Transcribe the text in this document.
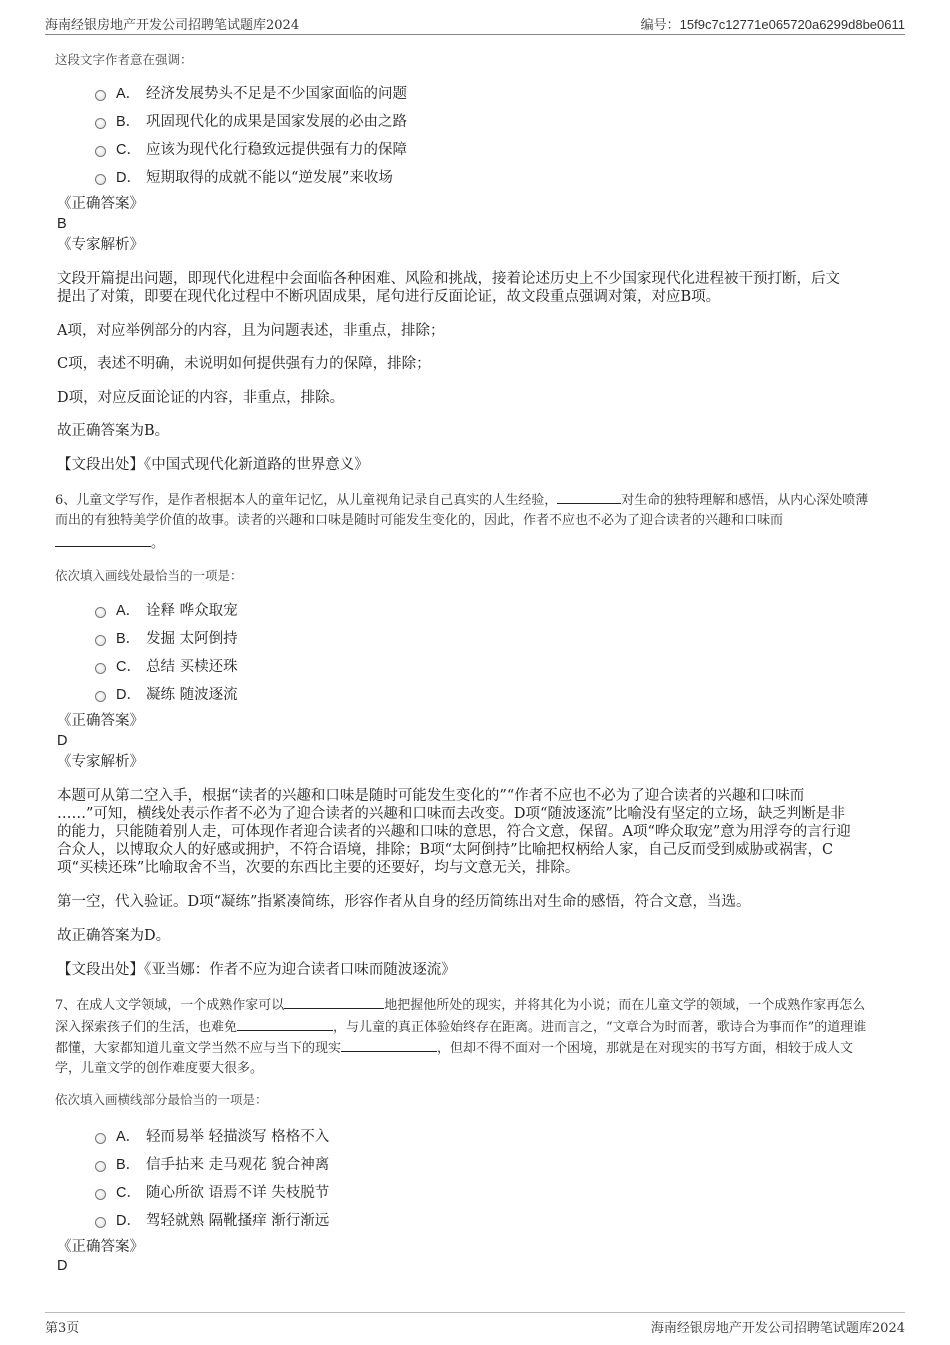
海南经银房地产开发公司招聘笔试题库2024	编号：15f9c7c12771e065720a6299d8be0611
这段文字作者意在强调：
A． 经济发展势头不足是不少国家面临的问题
B． 巩固现代化的成果是国家发展的必由之路
C． 应该为现代化行稳致远提供强有力的保障
D． 短期取得的成就不能以“逆发展”来收场
《正确答案》
B
《专家解析》
文段开篇提出问题，即现代化进程中会面临各种困难、风险和挑战，接着论述历史上不少国家现代化进程被干预打断，后文
提出了对策，即要在现代化过程中不断巩固成果，尾句进行反面论证，故文段重点强调对策，对应B项。
A项，对应举例部分的内容，且为问题表述，非重点，排除；
C项，表述不明确，未说明如何提供强有力的保障，排除；
D项，对应反面论证的内容，非重点，排除。
故正确答案为B。
【文段出处】《中国式现代化新道路的世界意义》
6、儿童文学写作，是作者根据本人的童年记忆，从儿童视角记录自己真实的人生经验，	对生命的独特理解和感悟，从内心深处喷薄
而出的有独特美学价值的故事。读者的兴趣和口味是随时可能发生变化的，因此，作者不应也不必为了迎合读者的兴趣和口味而
。
依次填入画线处最恰当的一项是：
A． 诠释 哗众取宠
B． 发掘 太阿倒持
C． 总结 买椟还珠
D． 凝练 随波逐流
《正确答案》
D
《专家解析》
本题可从第二空入手，根据“读者的兴趣和口味是随时可能发生变化的”“作者不应也不必为了迎合读者的兴趣和口味而
……”可知，横线处表示作者不必为了迎合读者的兴趣和口味而去改变。D项“随波逐流”比喻没有坚定的立场，缺乏判断是非
的能力，只能随着别人走，可体现作者迎合读者的兴趣和口味的意思，符合文意，保留。A项“哗众取宠”意为用浮夸的言行迎
合众人，以博取众人的好感或拥护，不符合语境，排除；B项“太阿倒持”比喻把权柄给人家，自己反而受到威胁或祸害，C
项“买椟还珠”比喻取舍不当，次要的东西比主要的还要好，均与文意无关，排除。
第一空，代入验证。D项“凝练”指紧凑简练，形容作者从自身的经历简练出对生命的感悟，符合文意，当选。
故正确答案为D。
【文段出处】《亚当娜：作者不应为迎合读者口味而随波逐流》
7、在成人文学领域，一个成熟作家可以	地把握他所处的现实，并将其化为小说；而在儿童文学的领域，一个成熟作家再怎么
深入探索孩子们的生活，也难免	，与儿童的真正体验始终存在距离。进而言之，“文章合为时而著，歌诗合为事而作”的道理谁
都懂，大家都知道儿童文学当然不应与当下的现实	，但却不得不面对一个困境，那就是在对现实的书写方面，相较于成人文
学，儿童文学的创作难度要大很多。
依次填入画横线部分最恰当的一项是：
A． 轻而易举 轻描淡写 格格不入
B． 信手拈来 走马观花 貌合神离
C． 随心所欲 语焉不详 失枝脱节
D． 驾轻就熟 隔靴搔痒 渐行渐远
《正确答案》
D
第3页	海南经银房地产开发公司招聘笔试题库2024
